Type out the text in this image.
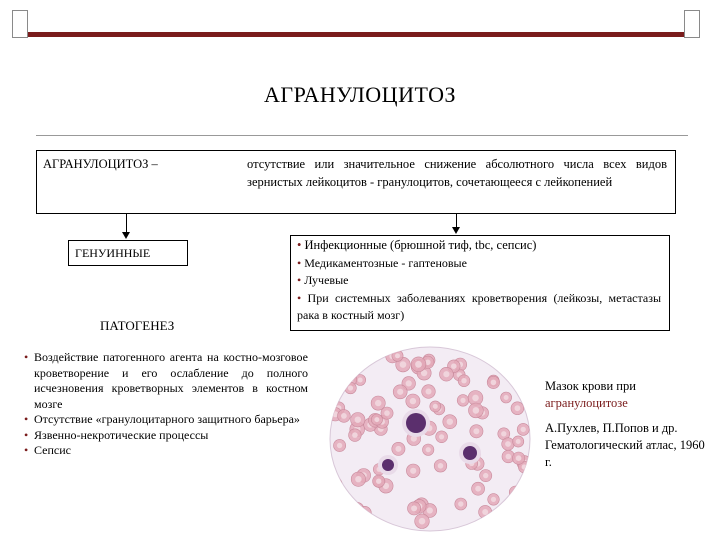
АГРАНУЛОЦИТОЗ
АГРАНУЛОЦИТОЗ –	отсутствие или значительное снижение абсолютного числа всех видов зернистых лейкоцитов - гранулоцитов, сочетающееся с лейкопенией
ГЕНУИННЫЕ
• Инфекционные (брюшной тиф, tbc, сепсис)
• Медикаментозные - гаптеновые
• Лучевые
• При системных заболеваниях кроветворения (лейкозы, метастазы рака в костный мозг)
ПАТОГЕНЕЗ
• Воздействие патогенного агента на костно-мозговое кроветворение и его ослабление до полного исчезновения кроветворных элементов в костном мозге
• Отсутствие «гранулоцитарного защитного барьера»
• Язвенно-некротические процессы
• Сепсис
Мазок крови при
агранулоцитозе
А.Пухлев, П.Попов и др. Гематологический атлас, 1960 г.
